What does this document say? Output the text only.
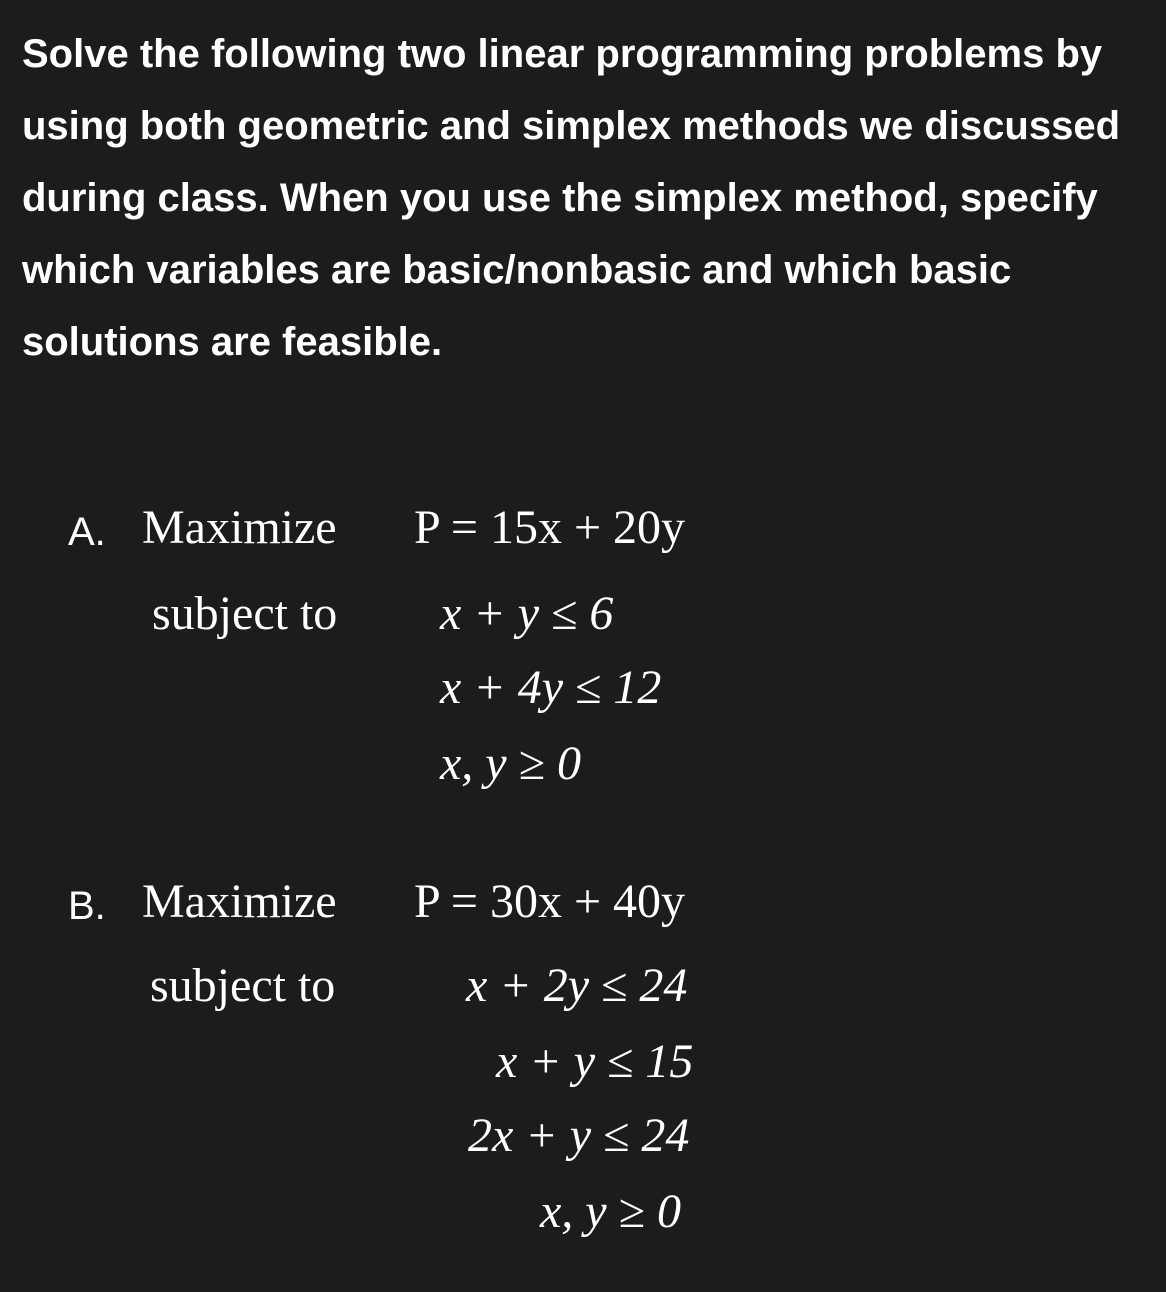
Solve the following two linear programming problems by using both geometric and simplex methods we discussed during class. When you use the simplex method, specify which variables are basic/nonbasic and which basic solutions are feasible.

A. Maximize P = 15x + 20y
subject to x + y ≤ 6
x + 4y ≤ 12
x, y ≥ 0
B. Maximize P = 30x + 40y
subject to	x + 2y ≤ 24
x + y ≤ 15
2x + y ≤ 24
x, y ≥ 0
